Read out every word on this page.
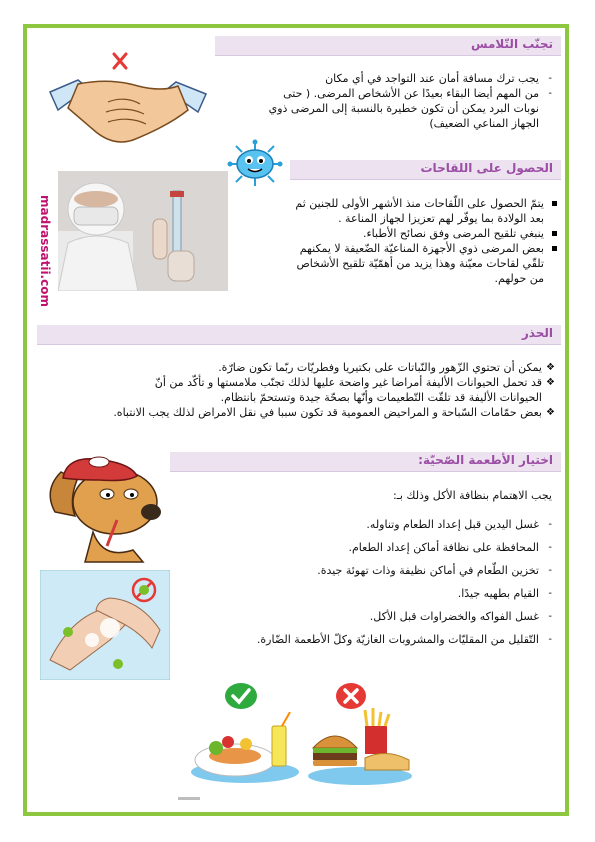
تجنّب التّلامس
-
يجب ترك مسافة أمان عند التواجد في أي مكان
-
من المهم أيضا البقاء بعيدًا عن الأشخاص المرضى. ( حتى
نوبات البرد يمكن أن تكون خطيرة بالنسبة إلى المرضى ذوي
الجهاز المناعي الضعيف)
الحصول على اللقاحات
madrassatii.com	يتمّ الحصول على اللّقاحات منذ الأشهر الأولى للجنين ثم
بعد الولادة بما يوفّر لهم تعزيزا لجهاز المناعة .
ينبغي تلقيح المرضى وفق نصائح الأطباء.
بعض المرضى ذوي الأجهزة المناعيّة الضّعيفة لا يمكنهم
تلقّي لقاحات معيّنة وهذا يزيد من أهمّيّة تلقيح الأشخاص
من حولهم.
الحذر
❖
يمكن أن تحتوي الزّهور والنّباتات على بكتيريا وفطريّات ربّما تكون ضارّة.
❖
قد تحمل الحيوانات الأليفة أمراضا غير واضحة عليها لذلك تجنّب ملامستها و تأكّد من أنّ
الحيوانات الأليفة قد تلقّت التّطعيمات وأنّها بصحّة جيدة وتستحمّ بانتظام.
❖
بعض حمّامات السّباحة و المراحيض العمومية قد تكون سببا في نقل الامراض لذلك يجب الانتباه.
اختيار الأطعمة الصّحيّة:
يجب الاهتمام بنظافة الأكل وذلك بـ:
-
غسل اليدين قبل إعداد الطعام وتناوله.
-
المحافظة على نظافة أماكن إعداد الطعام.
-
تخزين الطّعام في أماكن نظيفة وذات تهوئة جيدة.
-
القيام بطهيه جيدًا.
-
غسل الفواكه والخضراوات قبل الأكل.
-
التّقليل من المقليّات والمشروبات الغازيّة وكلّ الأطعمة الضّارة.
